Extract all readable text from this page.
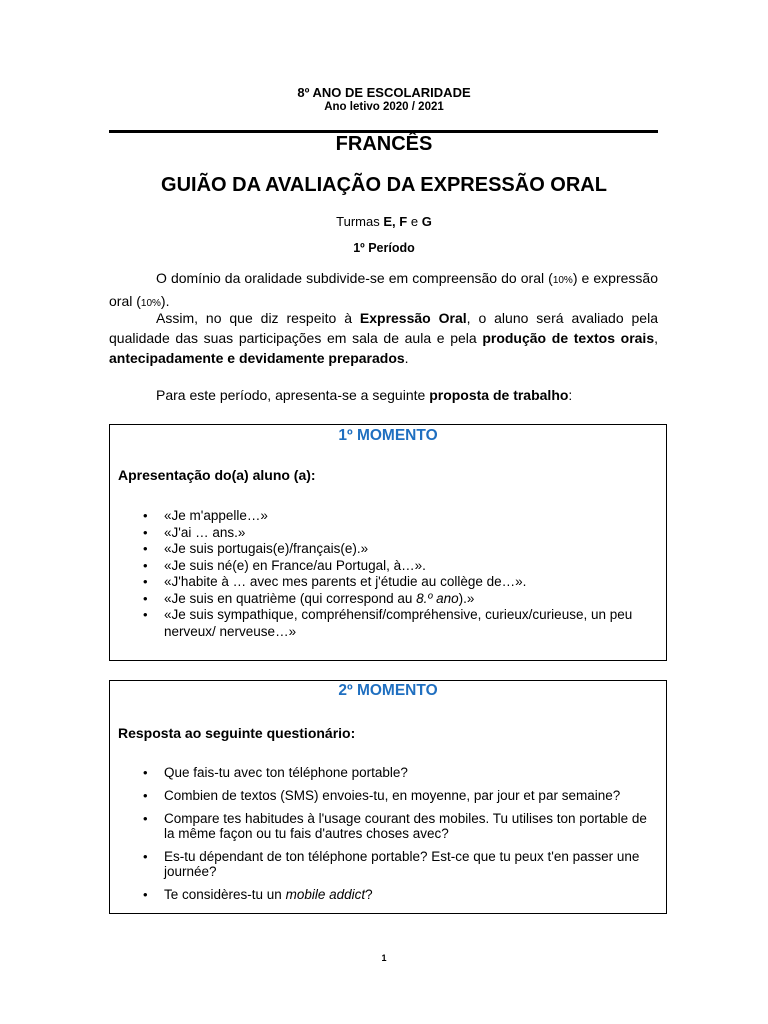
8º ANO DE ESCOLARIDADE
Ano letivo 2020 / 2021
FRANCÊS
GUIÃO DA AVALIAÇÃO DA EXPRESSÃO ORAL
Turmas E, F e G
1º Período
O domínio da oralidade subdivide-se em compreensão do oral (10%) e expressão oral (10%).
Assim, no que diz respeito à Expressão Oral, o aluno será avaliado pela qualidade das suas participações em sala de aula e pela produção de textos orais, antecipadamente e devidamente preparados.
Para este período, apresenta-se a seguinte proposta de trabalho:
1º MOMENTO
Apresentação do(a) aluno (a):
• «Je m'appelle…»
• «J'ai … ans.»
• «Je suis portugais(e)/français(e).»
• «Je suis né(e) en France/au Portugal, à…».
• «J'habite à … avec mes parents et j'étudie au collège de…».
• «Je suis en quatrième (qui correspond au 8.º ano).»
• «Je suis sympathique, compréhensif/compréhensive, curieux/curieuse, un peu nerveux/ nerveuse…»
2º MOMENTO
Resposta ao seguinte questionário:
• Que fais-tu avec ton téléphone portable?
• Combien de textos (SMS) envoies-tu, en moyenne, par jour et par semaine?
• Compare tes habitudes à l'usage courant des mobiles. Tu utilises ton portable de la même façon ou tu fais d'autres choses avec?
• Es-tu dépendant de ton téléphone portable? Est-ce que tu peux t'en passer une journée?
• Te considères-tu un mobile addict?
1
